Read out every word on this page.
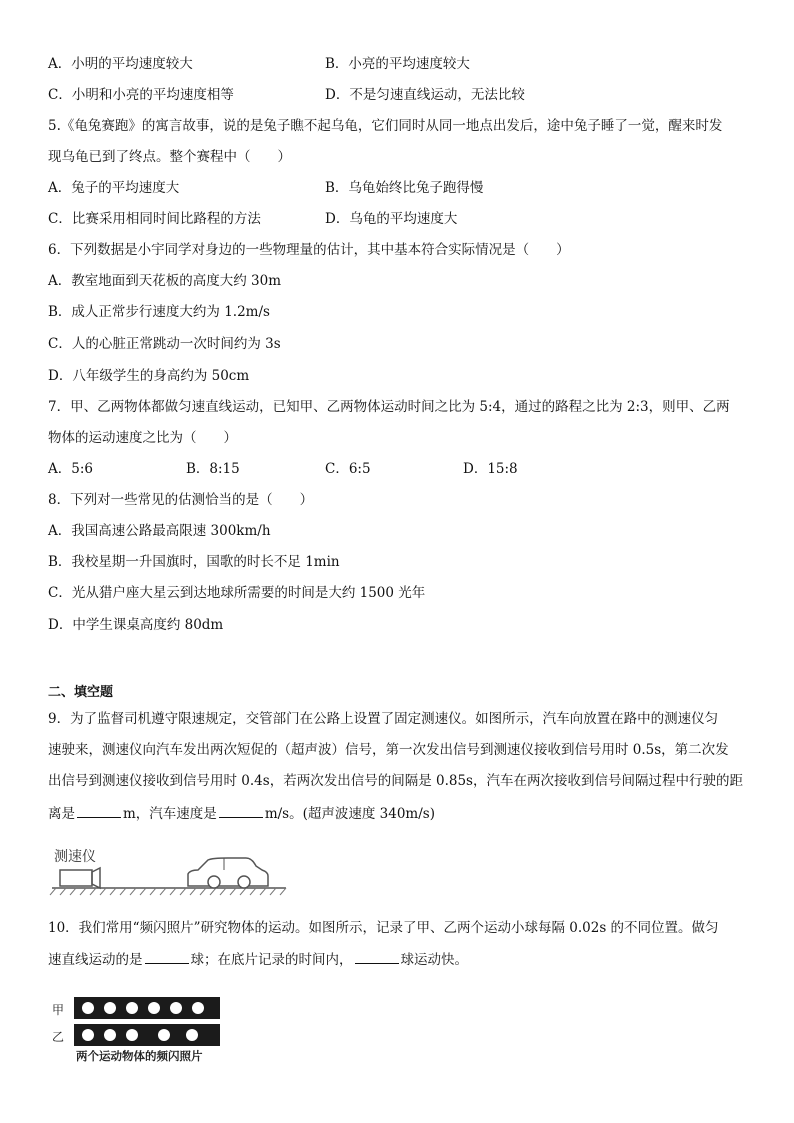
A．小明的平均速度较大	B．小亮的平均速度较大
C．小明和小亮的平均速度相等	D．不是匀速直线运动，无法比较
5.《龟兔赛跑》的寓言故事，说的是兔子瞧不起乌龟，它们同时从同一地点出发后，途中兔子睡了一觉，醒来时发
现乌龟已到了终点。整个赛程中（　　）
A．兔子的平均速度大	B．乌龟始终比兔子跑得慢
C．比赛采用相同时间比路程的方法	D．乌龟的平均速度大
6．下列数据是小宇同学对身边的一些物理量的估计，其中基本符合实际情况是（　　）
A．教室地面到天花板的高度大约 30m
B．成人正常步行速度大约为 1.2m/s
C．人的心脏正常跳动一次时间约为 3s
D．八年级学生的身高约为 50cm
7．甲、乙两物体都做匀速直线运动，已知甲、乙两物体运动时间之比为 5:4，通过的路程之比为 2:3，则甲、乙两
物体的运动速度之比为（　　）
A．5:6	B．8:15	C．6:5	D．15:8
8．下列对一些常见的估测恰当的是（　　）
A．我国高速公路最高限速 300km/h
B．我校星期一升国旗时，国歌的时长不足 1min
C．光从猎户座大星云到达地球所需要的时间是大约 1500 光年
D．中学生课桌高度约 80dm
二、填空题
9．为了监督司机遵守限速规定，交管部门在公路上设置了固定测速仪。如图所示，汽车向放置在路中的测速仪匀
速驶来，测速仪向汽车发出两次短促的（超声波）信号，第一次发出信号到测速仪接收到信号用时 0.5s，第二次发
出信号到测速仪接收到信号用时 0.4s，若两次发出信号的间隔是 0.85s，汽车在两次接收到信号间隔过程中行驶的距
离是	m，汽车速度是	m/s。(超声波速度 340m/s)
测速仪
10．我们常用“频闪照片”研究物体的运动。如图所示，记录了甲、乙两个运动小球每隔 0.02s 的不同位置。做匀
速直线运动的是	球；在底片记录的时间内，	球运动快。
甲
乙
两个运动物体的频闪照片
